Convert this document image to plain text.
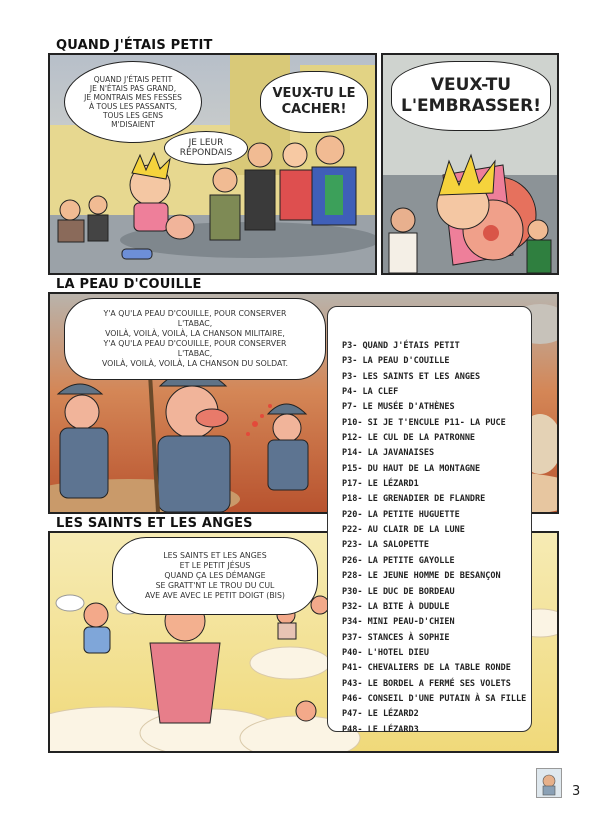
QUAND J'ÉTAIS PETIT
QUAND J'ÉTAIS PETIT
JE N'ÉTAIS PAS GRAND,
JE MONTRAIS MES FESSES
À TOUS LES PASSANTS,
TOUS LES GENS
M'DISAIENT
JE LEUR
RÉPONDAIS
VEUX-TU LE
CACHER!
VEUX-TU
L'EMBRASSER!
LA PEAU D'COUILLE
Y'A QU'LA PEAU D'COUILLE, POUR CONSERVER
L'TABAC,
VOILÀ, VOILÀ, VOILÀ, LA CHANSON MILITAIRE,
Y'A QU'LA PEAU D'COUILLE, POUR CONSERVER
L'TABAC,
VOILÀ, VOILÀ, VOILÀ, LA CHANSON DU SOLDAT.
LES SAINTS ET LES ANGES
LES SAINTS ET LES ANGES
ET LE PETIT JÉSUS
QUAND ÇA LES DÉMANGE
SE GRATT'NT LE TROU DU CUL
AVE AVE AVEC LE PETIT DOIGT (BIS)
P3- QUAND J'ÉTAIS PETIT
P3- LA PEAU D'COUILLE
P3- LES SAINTS ET LES ANGES
P4- LA CLEF
P7- LE MUSÉE D'ATHÈNES
P10- SI JE T'ENCULE P11- LA PUCE
P12- LE CUL DE LA PATRONNE
P14- LA JAVANAISES
P15- DU HAUT DE LA MONTAGNE
P17- LE LÉZARD1
P18- LE GRENADIER DE FLANDRE
P20- LA PETITE HUGUETTE
P22- AU CLAIR DE LA LUNE
P23- LA SALOPETTE
P26- LA PETITE GAYOLLE
P28- LE JEUNE HOMME DE BESANÇON
P30- LE DUC DE BORDEAU
P32- LA BITE À DUDULE
P34- MINI PEAU-D'CHIEN
P37- STANCES À SOPHIE
P40- L'HOTEL DIEU
P41- CHEVALIERS DE LA TABLE RONDE
P43- LE BORDEL A FERMÉ SES VOLETS
P46- CONSEIL D'UNE PUTAIN À SA FILLE
P47- LE LÉZARD2
P48- LE LÉZARD3
3
